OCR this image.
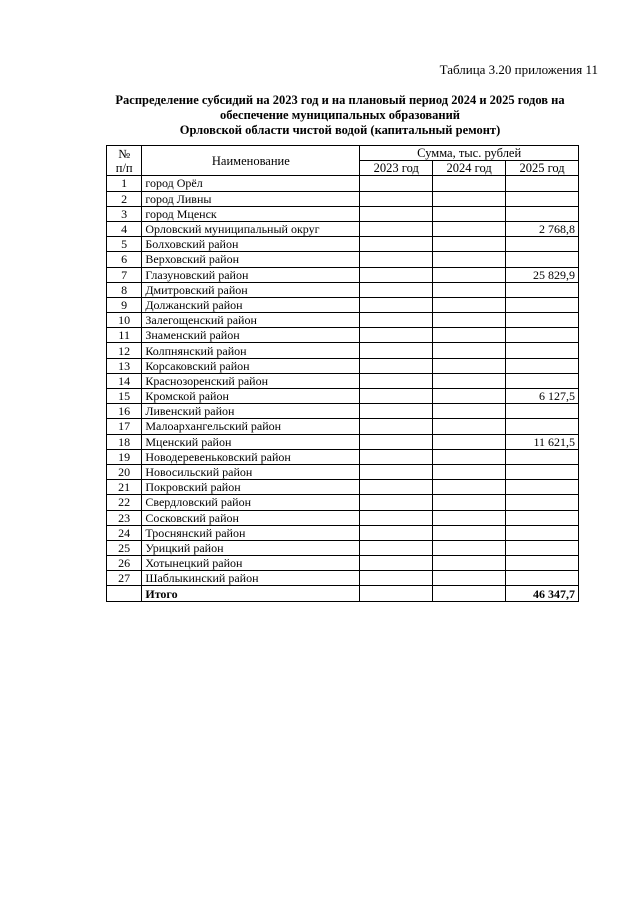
Таблица 3.20 приложения 11
Распределение субсидий на 2023 год и на плановый период 2024 и 2025 годов на
обеспечение муниципальных образований
Орловской области чистой водой (капитальный ремонт)
№
п/п	Наименование	Сумма, тыс. рублей		
		2023 год	2024 год	2025 год
1	город Орёл			
2	город Ливны			
3	город Мценск			
4	Орловский муниципальный округ			2 768,8
5	Болховский район			
6	Верховский район			
7	Глазуновский район			25 829,9
8	Дмитровский район			
9	Должанский район			
10	Залегощенский район			
11	Знаменский район			
12	Колпнянский район			
13	Корсаковский район			
14	Краснозоренский район			
15	Кромской район			6 127,5
16	Ливенский район			
17	Малоархангельский район			
18	Мценский район			11 621,5
19	Новодеревеньковский район			
20	Новосильский район			
21	Покровский район			
22	Свердловский район			
23	Сосковский район			
24	Троснянский район			
25	Урицкий район			
26	Хотынецкий район			
27	Шаблыкинский район			
	Итого			46 347,7
